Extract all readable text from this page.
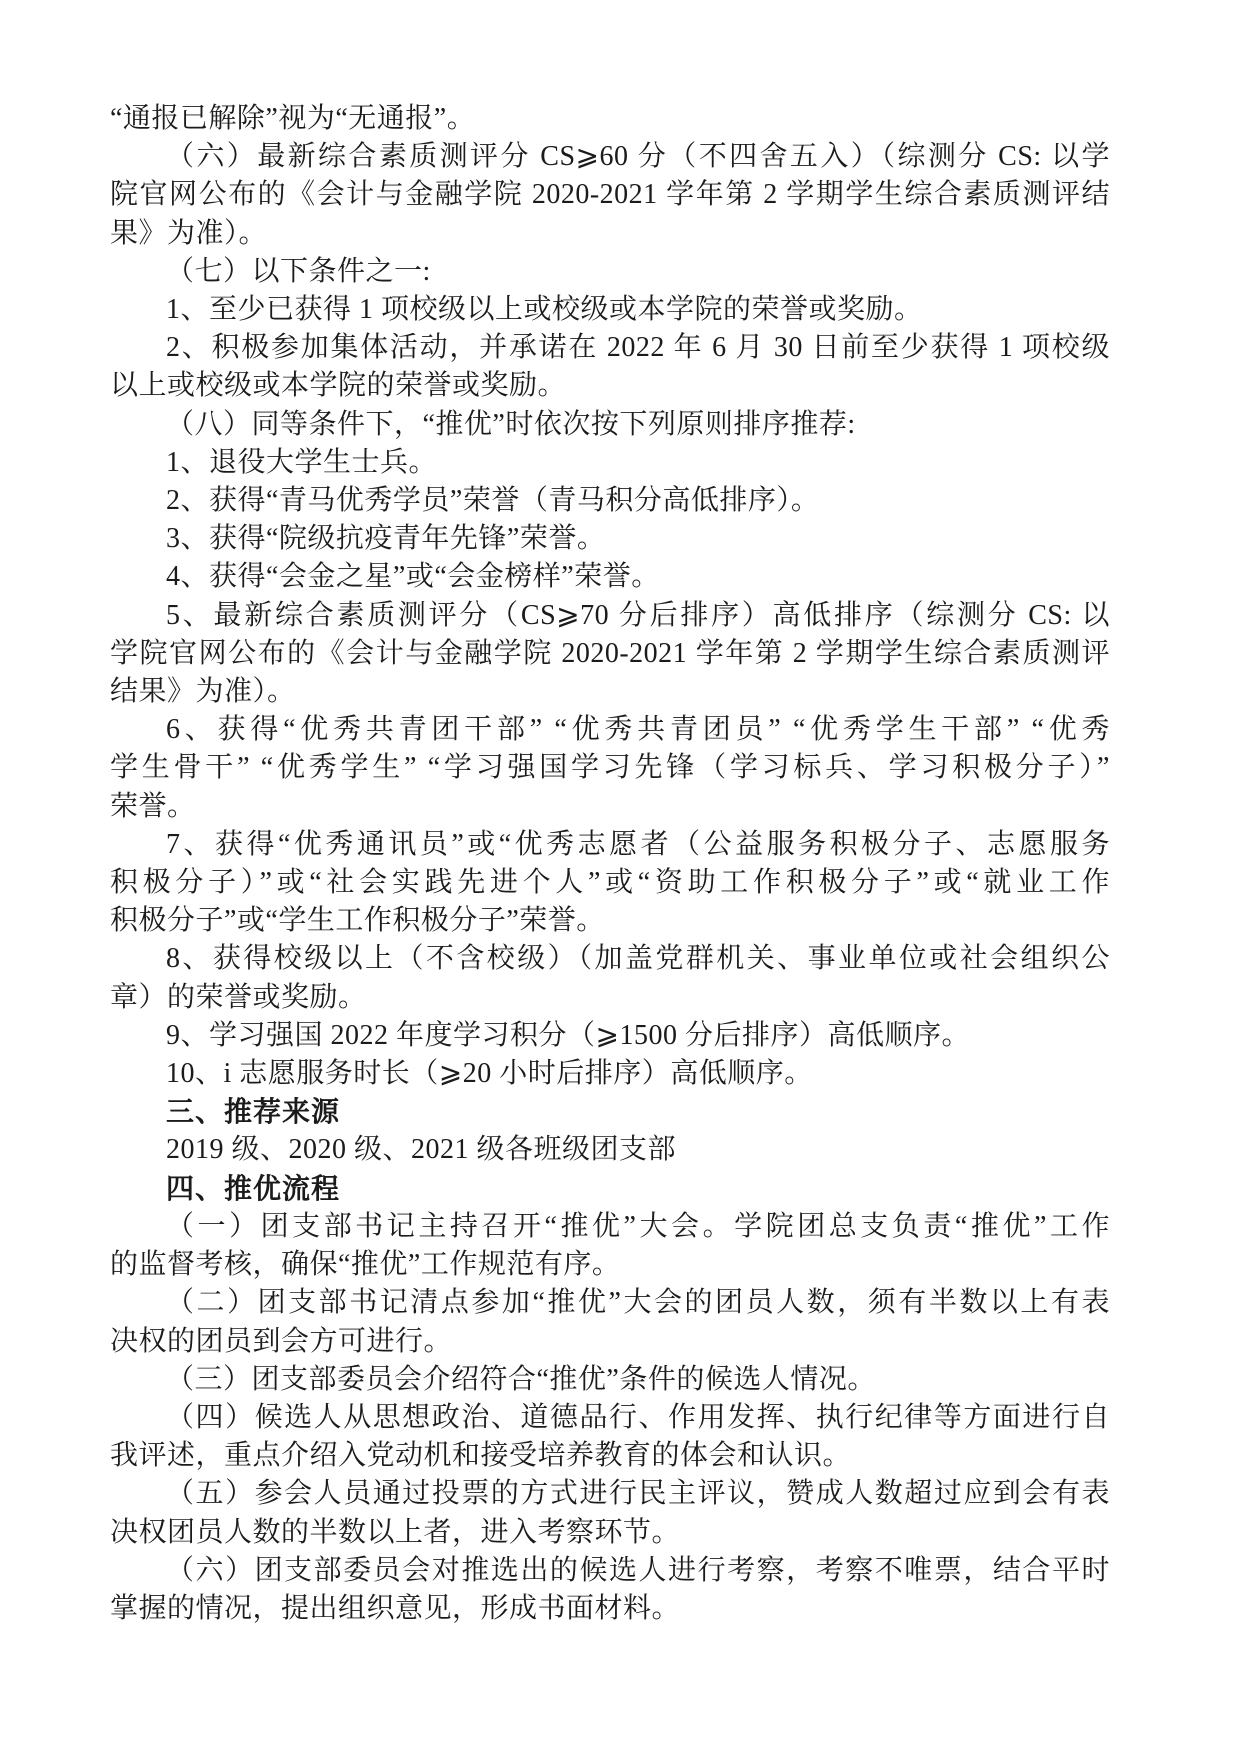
“通报已解除”视为“无通报”。
（六）最新综合素质测评分 CS⩾60 分（不四舍五入）（综测分 CS: 以学
院官网公布的《会计与金融学院 2020-2021 学年第 2 学期学生综合素质测评结
果》为准）。
（七）以下条件之一:
1、至少已获得 1 项校级以上或校级或本学院的荣誉或奖励。
2、积极参加集体活动，并承诺在 2022 年 6 月 30 日前至少获得 1 项校级
以上或校级或本学院的荣誉或奖励。
（八）同等条件下，“推优”时依次按下列原则排序推荐:
1、退役大学生士兵。
2、获得“青马优秀学员”荣誉（青马积分高低排序）。
3、获得“院级抗疫青年先锋”荣誉。
4、获得“会金之星”或“会金榜样”荣誉。
5、最新综合素质测评分（CS⩾70 分后排序）高低排序（综测分 CS: 以
学院官网公布的《会计与金融学院 2020-2021 学年第 2 学期学生综合素质测评
结果》为准）。
6、获得“优秀共青团干部” “优秀共青团员” “优秀学生干部” “优秀
学生骨干” “优秀学生” “学习强国学习先锋（学习标兵、学习积极分子）”
荣誉。
7、获得“优秀通讯员”或“优秀志愿者（公益服务积极分子、志愿服务
积极分子）”或“社会实践先进个人”或“资助工作积极分子”或“就业工作
积极分子”或“学生工作积极分子”荣誉。
8、获得校级以上（不含校级）（加盖党群机关、事业单位或社会组织公
章）的荣誉或奖励。
9、学习强国 2022 年度学习积分（⩾1500 分后排序）高低顺序。
10、i 志愿服务时长（⩾20 小时后排序）高低顺序。
三、推荐来源
2019 级、2020 级、2021 级各班级团支部
四、推优流程
（一）团支部书记主持召开“推优”大会。学院团总支负责“推优”工作
的监督考核，确保“推优”工作规范有序。
（二）团支部书记清点参加“推优”大会的团员人数，须有半数以上有表
决权的团员到会方可进行。
（三）团支部委员会介绍符合“推优”条件的候选人情况。
（四）候选人从思想政治、道德品行、作用发挥、执行纪律等方面进行自
我评述，重点介绍入党动机和接受培养教育的体会和认识。
（五）参会人员通过投票的方式进行民主评议，赞成人数超过应到会有表
决权团员人数的半数以上者，进入考察环节。
（六）团支部委员会对推选出的候选人进行考察，考察不唯票，结合平时
掌握的情况，提出组织意见，形成书面材料。
